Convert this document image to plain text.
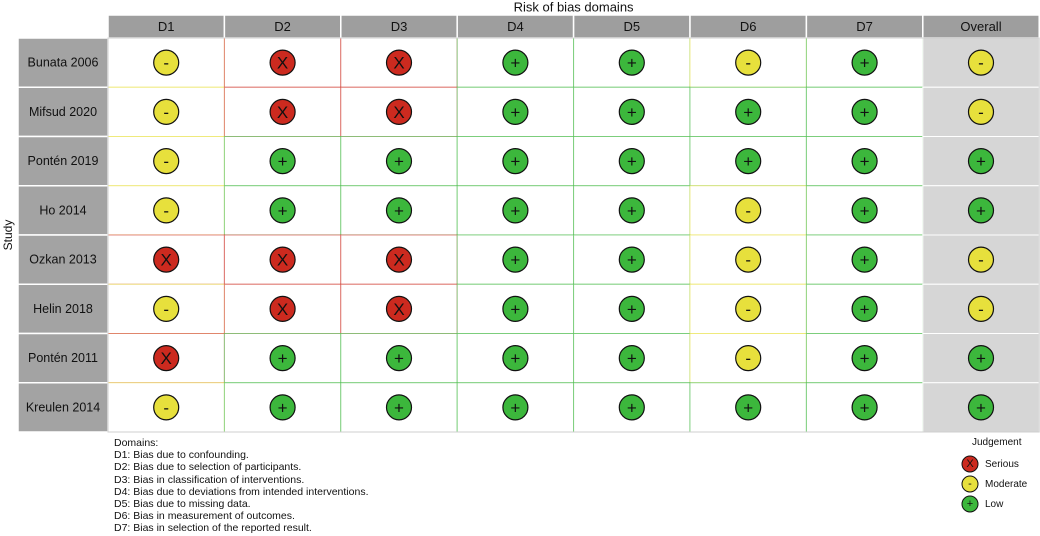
Risk of bias domains
Study
D1	D2	D3	D4	D5	D6	D7	Overall
Bunata 2006	-	X	X	+	+	-	+	-
Mifsud 2020	-	X	X	+	+	+	+	-
Pontén 2019	-	+	+	+	+	+	+	+
Ho 2014	-	+	+	+	+	-	+	+
Ozkan 2013	X	X	X	+	+	-	+	-
Helin 2018	-	X	X	+	+	-	+	-
Pontén 2011	X	+	+	+	+	-	+	+
Kreulen 2014	-	+	+	+	+	+	+	+
Domains:
D1: Bias due to confounding.
D2: Bias due to selection of participants.
D3: Bias in classification of interventions.
D4: Bias due to deviations from intended interventions.
D5: Bias due to missing data.
D6: Bias in measurement of outcomes.
D7: Bias in selection of the reported result.
Judgement
X Serious
- Moderate
+ Low
